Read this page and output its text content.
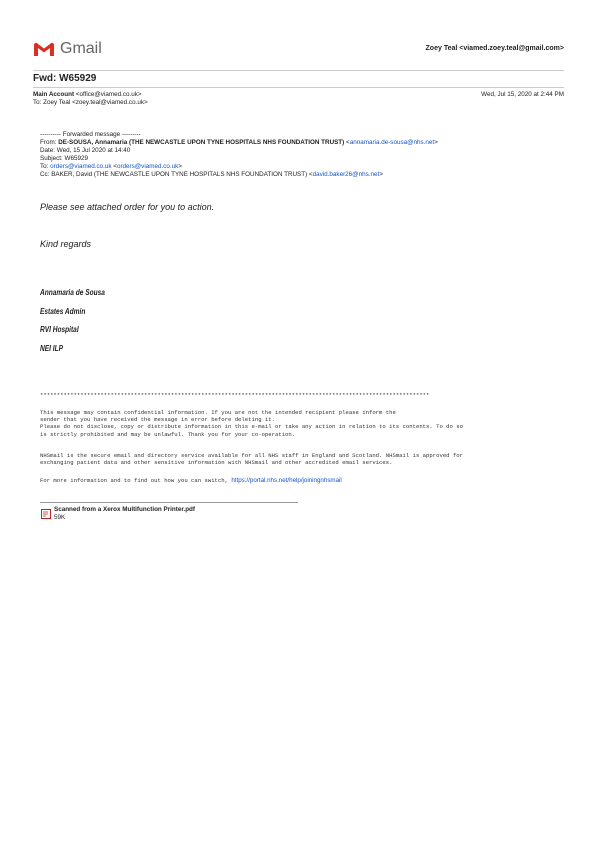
Gmail	Zoey Teal <viamed.zoey.teal@gmail.com>
Fwd: W65929
Main Account <office@viamed.co.uk>	Wed, Jul 15, 2020 at 2:44 PM
To: Zoey Teal <zoey.teal@viamed.co.uk>
---------- Forwarded message ---------
From: DE-SOUSA, Annamaria (THE NEWCASTLE UPON TYNE HOSPITALS NHS FOUNDATION TRUST) <annamaria.de-sousa@nhs.net>
Date: Wed, 15 Jul 2020 at 14:40
Subject: W65929
To: orders@viamed.co.uk <orders@viamed.co.uk>
Cc: BAKER, David (THE NEWCASTLE UPON TYNE HOSPITALS NHS FOUNDATION TRUST) <david.baker26@nhs.net>
Please see attached order for you to action.
Kind regards
Annamaria de Sousa
Estates Admin
RVI Hospital
NEI ILP
********************************************************************************************************************
This message may contain confidential information. If you are not the intended recipient please inform the
sender that you have received the message in error before deleting it.
Please do not disclose, copy or distribute information in this e-mail or take any action in relation to its contents. To do so
is strictly prohibited and may be unlawful. Thank you for your co-operation.
NHSmail is the secure email and directory service available for all NHS staff in England and Scotland. NHSmail is approved for
exchanging patient data and other sensitive information with NHSmail and other accredited email services.
For more information and to find out how you can switch, https://portal.nhs.net/help/joiningnhsmail
Scanned from a Xerox Multifunction Printer.pdf
59K
